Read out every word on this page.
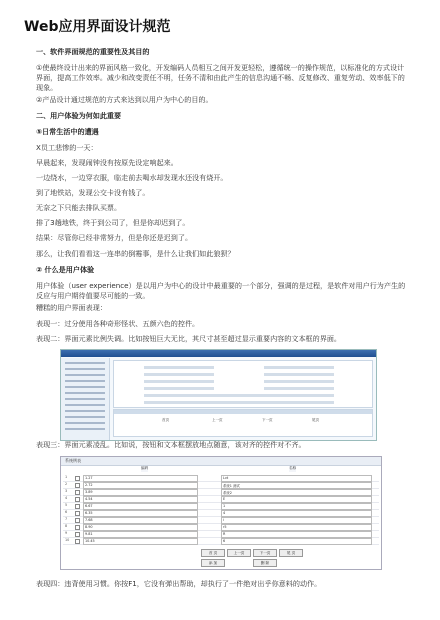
Web应用界面设计规范
一、软件界面规范的重要性及其目的
①使最终设计出来的界面风格一致化，开发编码人员相互之间开发更轻松，遵循统一的操作规范，以标准化的方式设计界面，提高工作效率。减少和改变责任不明，任务不清和由此产生的信息沟通不畅、反复修改、重复劳动、效率低下的现象。
②产品设计通过规范的方式来达到以用户为中心的目的。
二、用户体验为何如此重要
⑤日常生活中的遭遇
X员工悲惨的一天：
早晨起来，发现闹钟没有按原先设定响起来。
一边绕水，一边穿衣服，临走前去喝水却发现水还没有烧开。
到了地铁站，发现公交卡没有钱了。
无奈之下只能去排队买票。
排了3趟地铁，终于到公司了，但是你却迟到了。
结果：尽管你已经非常努力，但是你还是迟到了。
那么，让我们看看这一连串的倒霉事，是什么让我们如此狼狈？
② 什么是用户体验
用户体验（user experience）是以用户为中心的设计中最重要的一个部分，强调的是过程，是软件对用户行为产生的反应与用户期待值要尽可能的一致。
糟糕的用户界面表现：
表现一：过分使用各种奇形怪状、五颜六色的控件。
表现二：界面元素比例失调。比如按钮巨大无比，其尺寸甚至超过显示重要内容的文本框的界面。
首页	上一页	下一页	尾页
系统例表
编码	名称
1	1.27	Lvt
2	2.72	系统1 测试
3	3.89	系统2
4	4.54	E
5	6.67	1
6	6.35	4
7	7.68	i
8	8.90	r5
9	9.81	R
10	10.45	6
首 页	上一页	下一页	尾 页
添 加	删 除
表现三：界面元素凌乱。比如说，按钮和文本框摆放地点随意，该对齐的控件对不齐。
表现四：违背使用习惯。你按F1，它没有弹出帮助，却执行了一件绝对出乎你意料的动作。
